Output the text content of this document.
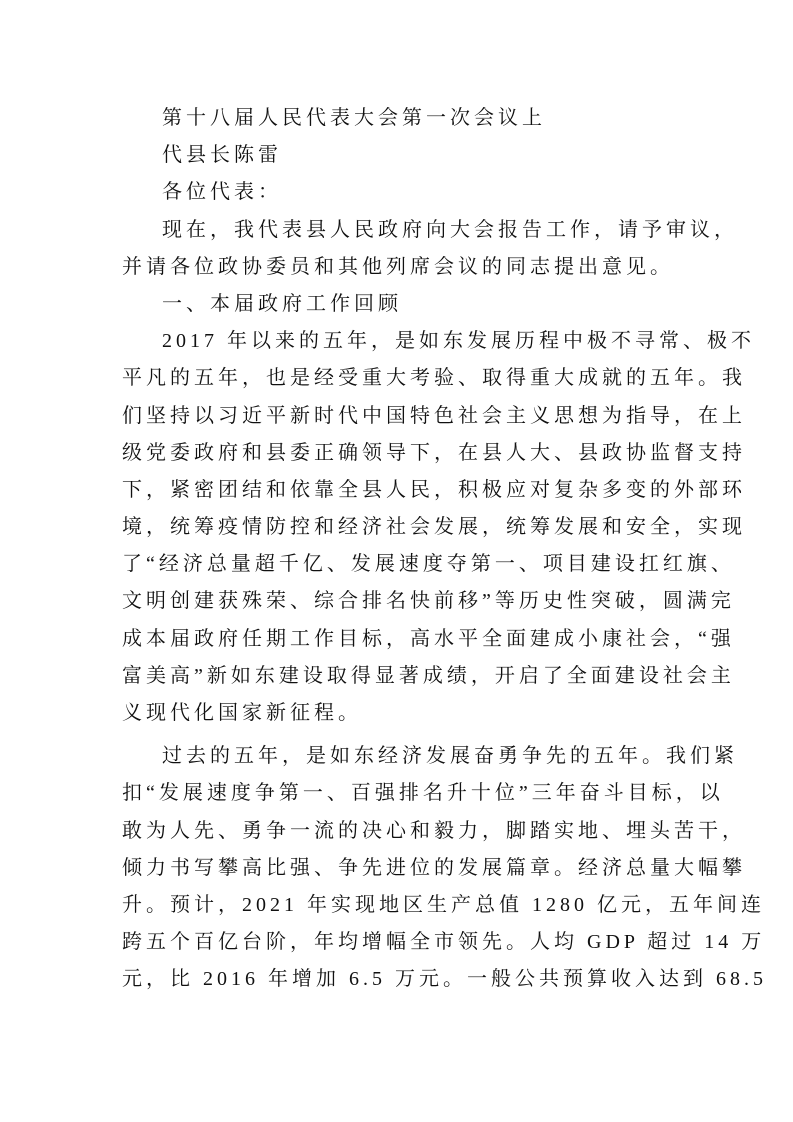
第十八届人民代表大会第一次会议上
代县长陈雷
各位代表：
现在，我代表县人民政府向大会报告工作，请予审议，
并请各位政协委员和其他列席会议的同志提出意见。
一、本届政府工作回顾
2017 年以来的五年，是如东发展历程中极不寻常、极不
平凡的五年，也是经受重大考验、取得重大成就的五年。我
们坚持以习近平新时代中国特色社会主义思想为指导，在上
级党委政府和县委正确领导下，在县人大、县政协监督支持
下，紧密团结和依靠全县人民，积极应对复杂多变的外部环
境，统筹疫情防控和经济社会发展，统筹发展和安全，实现
了“经济总量超千亿、发展速度夺第一、项目建设扛红旗、
文明创建获殊荣、综合排名快前移”等历史性突破，圆满完
成本届政府任期工作目标，高水平全面建成小康社会，“强
富美高”新如东建设取得显著成绩，开启了全面建设社会主
义现代化国家新征程。
过去的五年，是如东经济发展奋勇争先的五年。我们紧
扣“发展速度争第一、百强排名升十位”三年奋斗目标，以
敢为人先、勇争一流的决心和毅力，脚踏实地、埋头苦干，
倾力书写攀高比强、争先进位的发展篇章。经济总量大幅攀
升。预计，2021 年实现地区生产总值 1280 亿元，五年间连
跨五个百亿台阶，年均增幅全市领先。人均 GDP 超过 14 万
元，比 2016 年增加 6.5 万元。一般公共预算收入达到 68.5
